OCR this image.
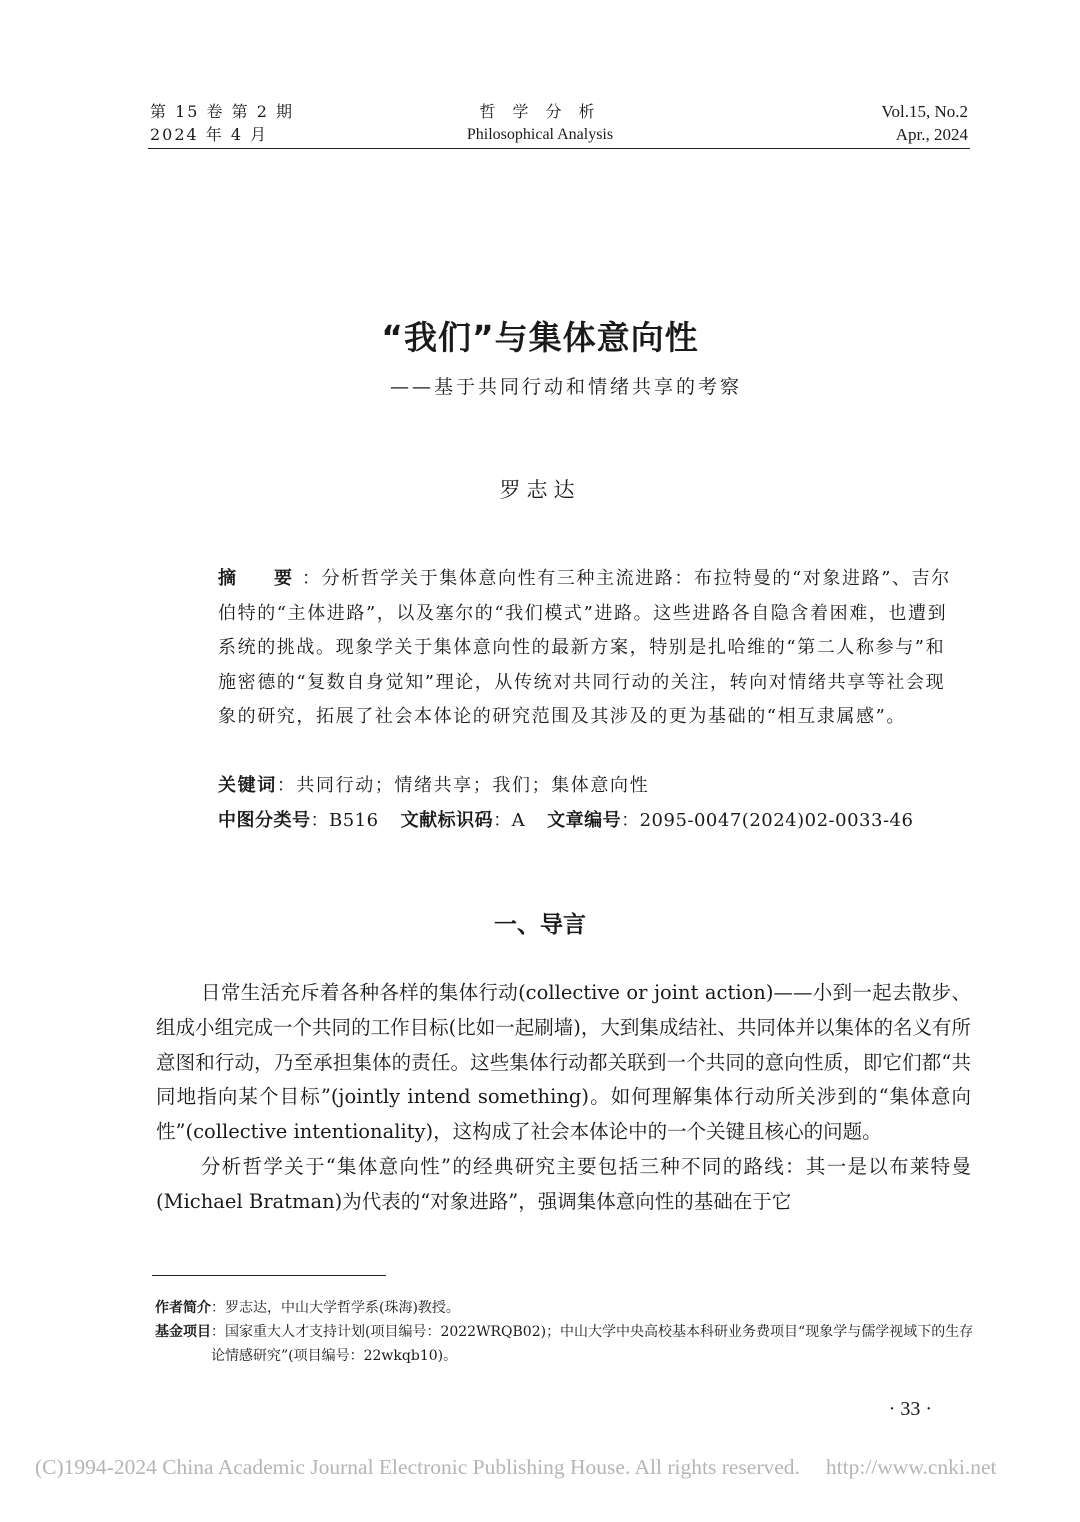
第 15 卷 第 2 期
2024 年 4 月
哲 学 分 析
Philosophical Analysis
Vol.15, No.2
Apr., 2024
“我们”与集体意向性
——基于共同行动和情绪共享的考察
罗志达
摘　要：分析哲学关于集体意向性有三种主流进路：布拉特曼的“对象进路”、吉尔伯特的“主体进路”，以及塞尔的“我们模式”进路。这些进路各自隐含着困难，也遭到系统的挑战。现象学关于集体意向性的最新方案，特别是扎哈维的“第二人称参与”和施密德的“复数自身觉知”理论，从传统对共同行动的关注，转向对情绪共享等社会现象的研究，拓展了社会本体论的研究范围及其涉及的更为基础的“相互隶属感”。
关键词：共同行动；情绪共享；我们；集体意向性
中图分类号：B516 文献标识码：A 文章编号：2095-0047(2024)02-0033-46
一、导言

日常生活充斥着各种各样的集体行动(collective or joint action)——小到一起去散步、组成小组完成一个共同的工作目标(比如一起刷墙)，大到集成结社、共同体并以集体的名义有所意图和行动，乃至承担集体的责任。这些集体行动都关联到一个共同的意向性质，即它们都“共同地指向某个目标”(jointly intend something)。如何理解集体行动所关涉到的“集体意向性”(collective intentionality)，这构成了社会本体论中的一个关键且核心的问题。

分析哲学关于“集体意向性”的经典研究主要包括三种不同的路线：其一是以布莱特曼(Michael Bratman)为代表的“对象进路”，强调集体意向性的基础在于它

作者简介 ：罗志达，中山大学哲学系(珠海)教授。
基金项目 ：国家重大人才支持计划(项目编号：2022WRQB02)；中山大学中央高校基本科研业务费项目“现象学与儒学视域下的生存论情感研究”(项目编号：22wkqb10)。
· 33 ·
(C)1994-2024 China Academic Journal Electronic Publishing House. All rights reserved. http://www.cnki.net
